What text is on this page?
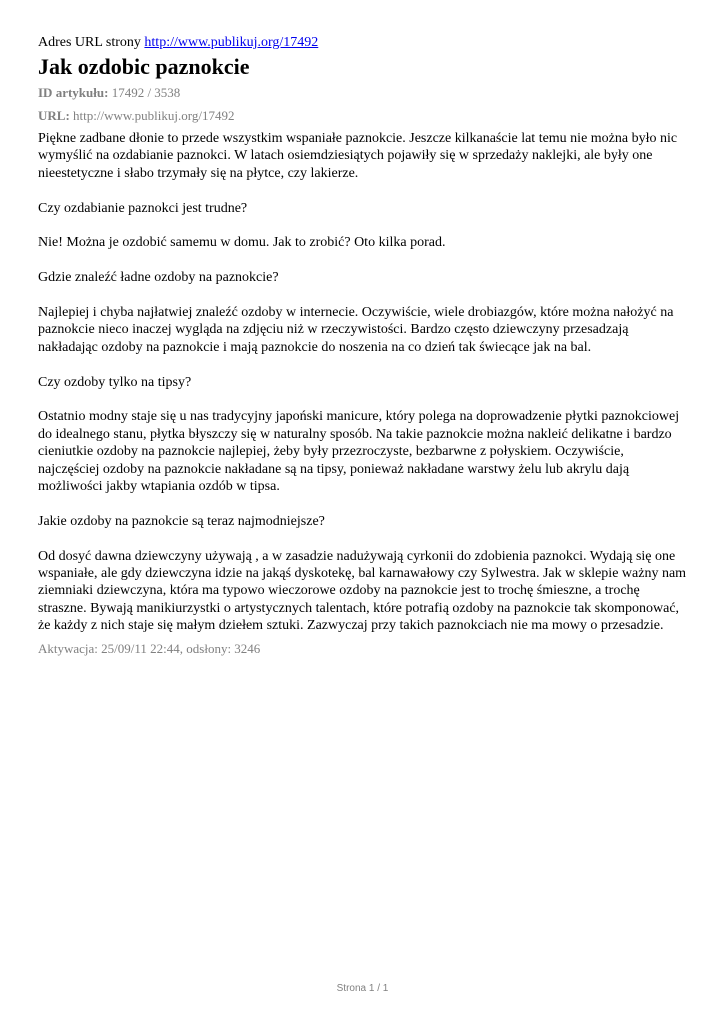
Adres URL strony http://www.publikuj.org/17492

Jak ozdobic paznokcie

ID artykułu: 17492 / 3538

URL: http://www.publikuj.org/17492

Piękne zadbane dłonie to przede wszystkim wspaniałe paznokcie. Jeszcze kilkanaście lat temu nie można było nic wymyślić na ozdabianie paznokci. W latach osiemdziesiątych pojawiły się w sprzedaży naklejki, ale były one nieestetyczne i słabo trzymały się na płytce, czy lakierze.

Czy ozdabianie paznokci jest trudne?

Nie! Można je ozdobić samemu w domu. Jak to zrobić? Oto kilka porad.

Gdzie znaleźć ładne ozdoby na paznokcie?

Najlepiej i chyba najłatwiej znaleźć ozdoby w internecie. Oczywiście, wiele drobiazgów, które można nałożyć na paznokcie nieco inaczej wygląda na zdjęciu niż w rzeczywistości. Bardzo często dziewczyny przesadzają nakładając ozdoby na paznokcie i mają paznokcie do noszenia na co dzień tak świecące jak na bal.

Czy ozdoby tylko na tipsy?

Ostatnio modny staje się u nas tradycyjny japoński manicure, który polega na doprowadzenie płytki paznokciowej do idealnego stanu, płytka błyszczy się w naturalny sposób. Na takie paznokcie można nakleić delikatne i bardzo cieniutkie ozdoby na paznokcie najlepiej, żeby były przezroczyste, bezbarwne z połyskiem. Oczywiście, najczęściej ozdoby na paznokcie nakładane są na tipsy, ponieważ nakładane warstwy żelu lub akrylu dają możliwości jakby wtapiania ozdób w tipsa.

Jakie ozdoby na paznokcie są teraz najmodniejsze?

Od dosyć dawna dziewczyny używają , a w zasadzie nadużywają cyrkonii do zdobienia paznokci. Wydają się one wspaniałe, ale gdy dziewczyna idzie na jakąś dyskotekę, bal karnawałowy czy Sylwestra. Jak w sklepie ważny nam ziemniaki dziewczyna, która ma typowo wieczorowe ozdoby na paznokcie jest to trochę śmieszne, a trochę straszne. Bywają manikiurzystki o artystycznych talentach, które potrafią ozdoby na paznokcie tak skomponować, że każdy z nich staje się małym dziełem sztuki. Zazwyczaj przy takich paznokciach nie ma mowy o przesadzie.

Aktywacja: 25/09/11 22:44, odsłony: 3246
Strona 1 / 1
